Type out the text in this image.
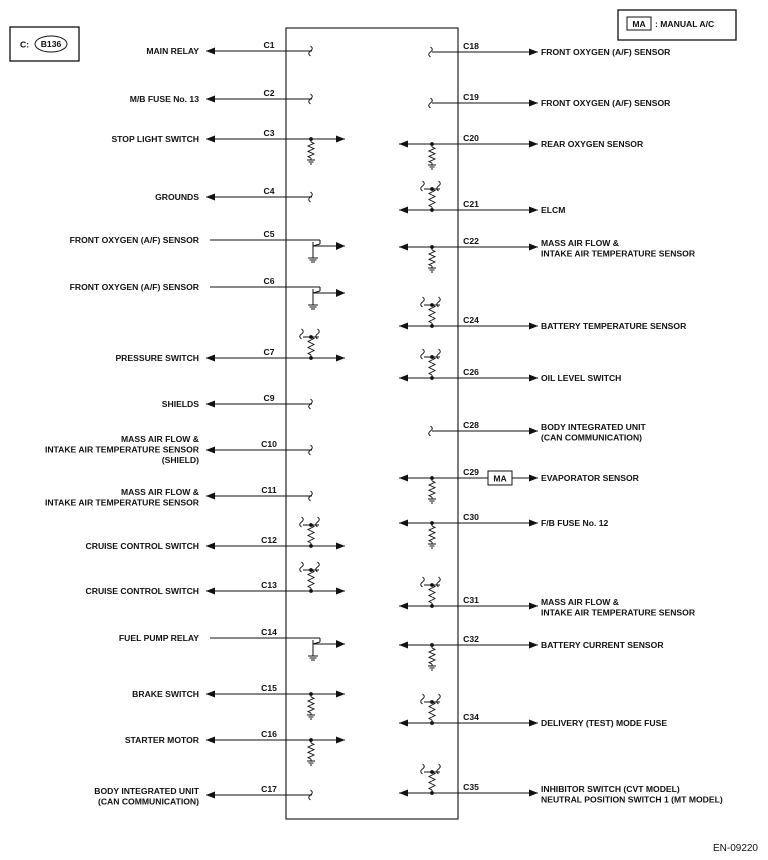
C: B136
MA : MANUAL A/C
EN-09220
C1
MAIN RELAY
C2
M/B FUSE No. 13
C3
STOP LIGHT SWITCH
C4
GROUNDS
C5
FRONT OXYGEN (A/F) SENSOR
C6
FRONT OXYGEN (A/F) SENSOR
C7
PRESSURE SWITCH
C9
SHIELDS
C10
MASS AIR FLOW &
INTAKE AIR TEMPERATURE SENSOR
(SHIELD)
C11
MASS AIR FLOW &
INTAKE AIR TEMPERATURE SENSOR
C12
CRUISE CONTROL SWITCH
C13
CRUISE CONTROL SWITCH
C14
FUEL PUMP RELAY
C15
BRAKE SWITCH
C16
STARTER MOTOR
C17
BODY INTEGRATED UNIT
(CAN COMMUNICATION)
C18
FRONT OXYGEN (A/F) SENSOR
C19
FRONT OXYGEN (A/F) SENSOR
C20
REAR OXYGEN SENSOR
C21
ELCM
C22	MASS AIR FLOW &
INTAKE AIR TEMPERATURE SENSOR
C24
BATTERY TEMPERATURE SENSOR
C26
OIL LEVEL SWITCH
C28	BODY INTEGRATED UNIT
(CAN COMMUNICATION)
C29
EVAPORATOR SENSOR
MA
C30
F/B FUSE No. 12
C31	MASS AIR FLOW &
INTAKE AIR TEMPERATURE SENSOR
C32
BATTERY CURRENT SENSOR
C34
DELIVERY (TEST) MODE FUSE
C35	INHIBITOR SWITCH (CVT MODEL)
NEUTRAL POSITION SWITCH 1 (MT MODEL)
